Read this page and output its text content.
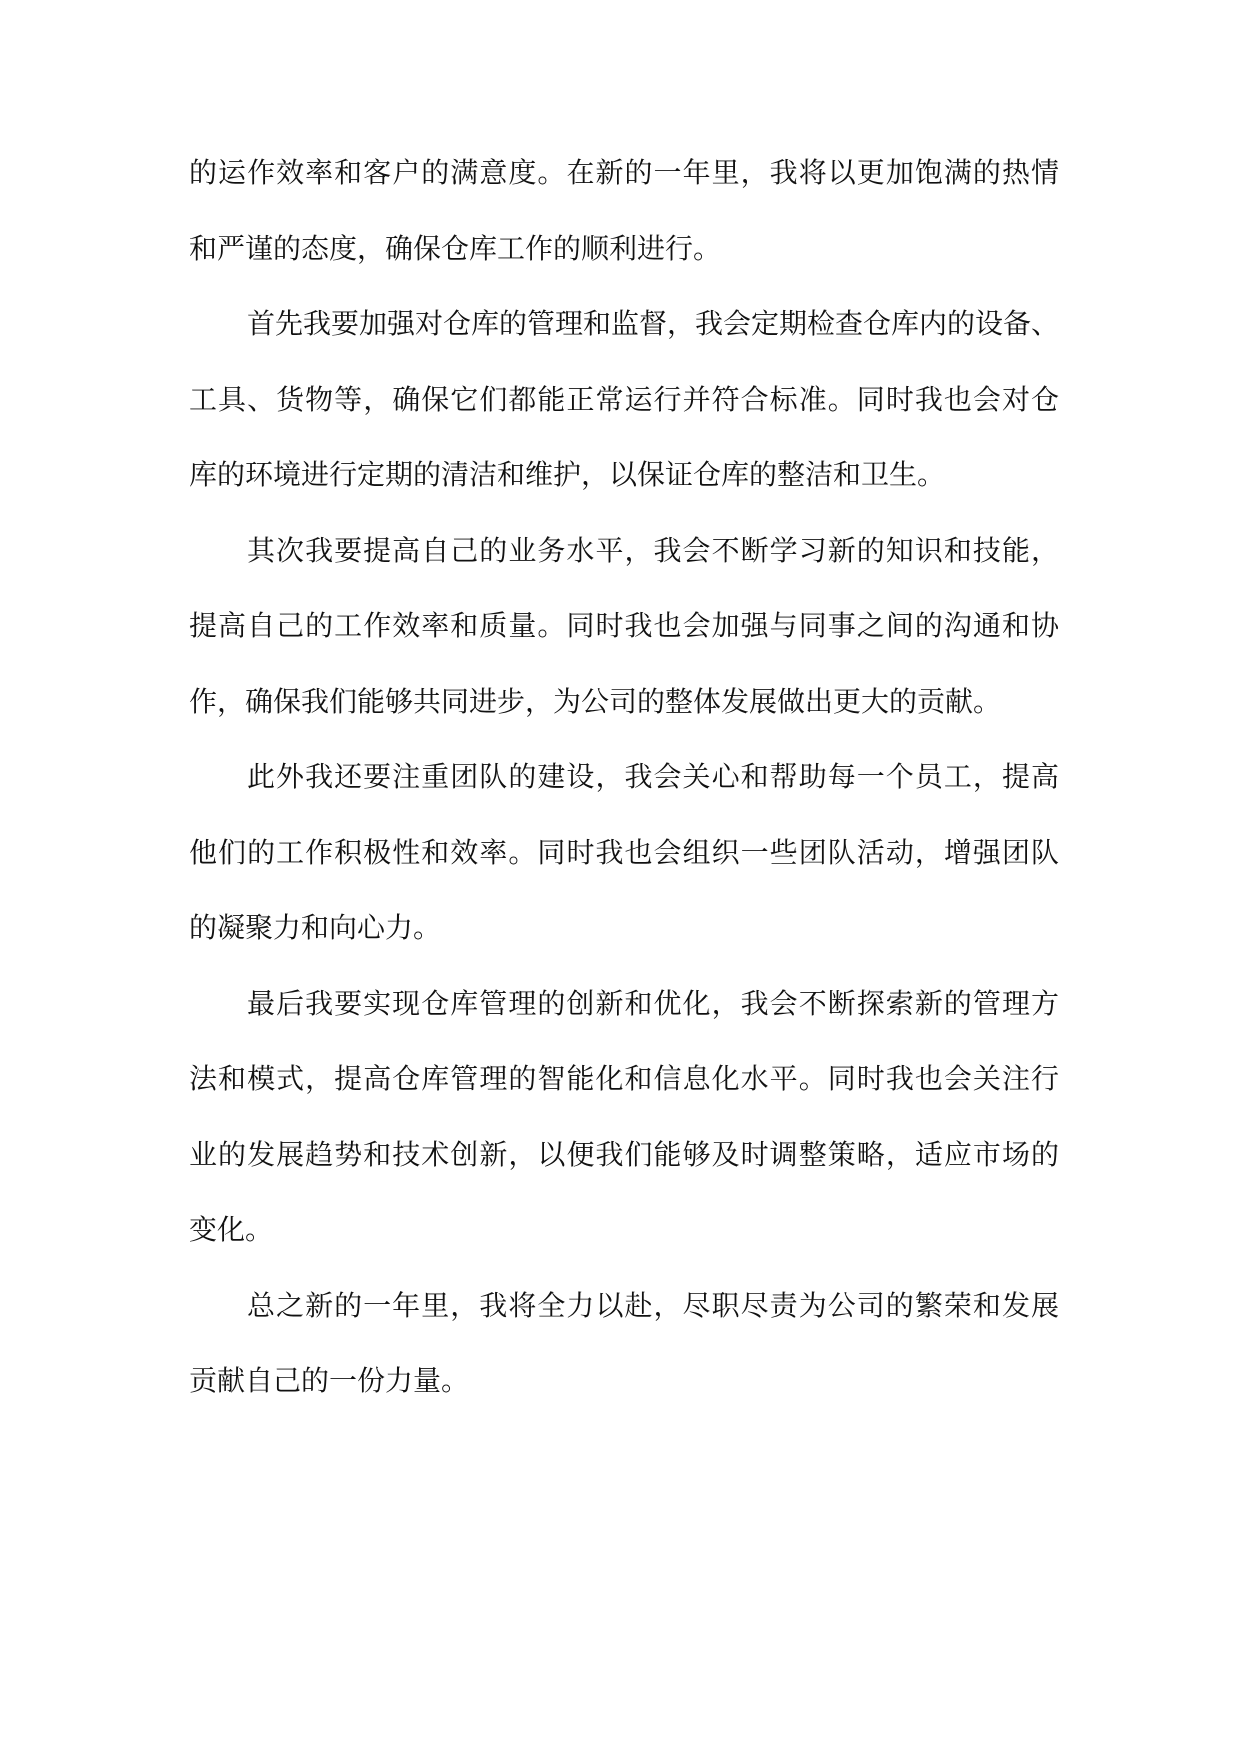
的运作效率和客户的满意度。在新的一年里，我将以更加饱满的热情
和严谨的态度，确保仓库工作的顺利进行。
首先我要加强对仓库的管理和监督，我会定期检查仓库内的设备、
工具、货物等，确保它们都能正常运行并符合标准。同时我也会对仓
库的环境进行定期的清洁和维护，以保证仓库的整洁和卫生。
其次我要提高自己的业务水平，我会不断学习新的知识和技能，
提高自己的工作效率和质量。同时我也会加强与同事之间的沟通和协
作，确保我们能够共同进步，为公司的整体发展做出更大的贡献。
此外我还要注重团队的建设，我会关心和帮助每一个员工，提高
他们的工作积极性和效率。同时我也会组织一些团队活动，增强团队
的凝聚力和向心力。
最后我要实现仓库管理的创新和优化，我会不断探索新的管理方
法和模式，提高仓库管理的智能化和信息化水平。同时我也会关注行
业的发展趋势和技术创新，以便我们能够及时调整策略，适应市场的
变化。
总之新的一年里，我将全力以赴，尽职尽责为公司的繁荣和发展
贡献自己的一份力量。
